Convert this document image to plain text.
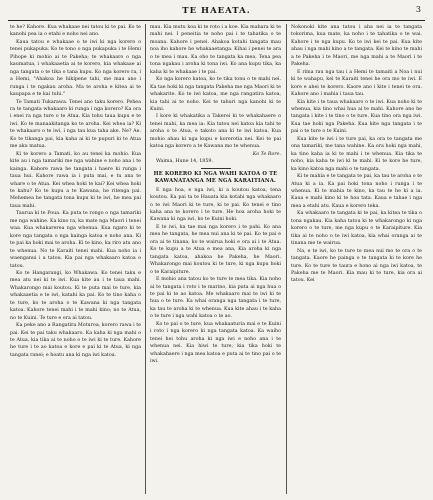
TE HAEATA.	3

te he? Kahore. Kua whakaae nei tatou ki te pai. Ko te kanohi pea ia o etahi e noho nei ano.

Kaua tatou e whakaae o te iwi ki nga korero o tenei pukapuka. Ko te tono o nga pukapuka i te Hemi Pihope ki mohio ai te Pakeha; te whakaaro o nga kaumatua, i whakaaetia ai te korero, kia whakaae ai nga tangata o te tika o tana kupu. Ko nga korero ra, i a Hemi, "Ahakoa he hikipene tahi, me mau ano i runga i te ngakau aroha. Ma te aroha e kitea ai te kaupapa e te kai tuhi."

Te Tamati Tukarawa. Tenei ano taku korero. Pehea ra te tangata whakaaro ki runga i nga korero? Ka ora i enei ra nga ture o te Atua. Kia tohu taua kupu e te iwi. Ko te manaakitanga ko te aroha. Kei whea ia? Ki te whakaaro o te iwi, i nga tau kua taha ake. Ne? Ae. Ko te tikanga pai, kia kaha ai ki te pupuri ki te Atua me aku matua.

Ki te korero a Tamati, ko au tenei ka mohio. Kua kite au i nga tamariki me nga wahine e noho ana i te kainga. Kahore rawa he tangata i haere ki runga i taua hui. Kahore rawa ia i puta mai, e tu ana te whare o te Atua. Kei whea hoki te kai? Kei whea hoki te kahu? Ko te kupu a te Kawana, he ritenga pai. Mehemea he tangata tona kupu ki te iwi, he mea pai taua mahi.

Taurua ki te Poua. Ka puta te rongo o nga tamariki me nga wahine. Ka kino ra, ka mate nga Maori i tenei waa. Kua whakarerea nga whenua. Kua ngaro ki te kore nga tangata o nga kainga katoa e noho ana. Ki te pai ka hoki mai te aroha. Ki te kino, ka riro atu ano te whenua. No te Karaiti tenei mahi. Kua noho ia i waenganui i a tatou. Kia pai nga whakaaro katoa o tatou.

Ko te Hangarangi, ko Whakawa. Ko tenei taku e mea atu nei ki te iwi. Kua kite au i te taua mahi. Whakarongo mai koutou. Ki te puta mai te ture, kia whakaaetia e te iwi, katahi ka pai. Ko te tino kaha o te ture, ko te aroha o te Kawana ki nga tangata katoa. Kahore tenei mahi i te mahi kino; no te Atua, no te Kuini. Te ture e ora ai tatou.

Ka peke ano a Rangatira Moturoa, korero rawa i te pai. Kei te pai taku whakaaro. Ka kaha ki nga mahi o te Atua, kia tika ai te noho o te iwi ki te ture. Kahore he ture i te ao katoa e kore e pai ki te Atua, ki nga tangata ranei; e hoatu ana ki nga iwi katoa.

mau. Kia mutu koa ki te roto i a koe. Kia mahara ki te mahi nei. I peneitia te noho pai i te tahatika o te moana. Kahore i penei. Ahakoa kotahi tangata mau noa iho kahore he whakaaetanga. Kihai i penei te ara o te mea i mau. Ka oho te tangata ka mea, Tena pea tona ngakau i aroha ki tona iwi. Ko ana kupu tika, ka kaha ki te whakaae i te pai.

Ko nga korero katoa, ko te tika tonu o te mahi nei. Ka tae hoki ki nga tangata Pakeha me nga Maori ki te whakarite. Ko te iwi katoa, me nga rangatira katoa, kia tahi ai te noho. Kei te tahuri nga kanohi ki te Kuini.

I kore ki whakatika a Takerei ki te whakahaere o tenei mahi, ka mea ia: Kia tatou nei katoa kia tahi te aroha o te Atua, e takoto ana ki te iwi katoa. Kua mohio ahau ki nga kupu e korerotia nei. Kei te pai katoa nga korero a te Kawana mo te whenua.

Ko Te Rore.

Waima, Hune 14, 1859.

HE KORERO KI NGA WAHI KATOA O TE KAWANATANGA ME NGA KARAITIANA.

E nga hoa, e nga iwi, ki a koutou katoa, tena koutou. Ka pai ta te Hauata kia kotahi nga whakaaro o te iwi Maori ki te ture, ki te pai. Ko tenei e tino kaha ana te korero i te ture. He hoa aroha hoki te Kawana ki nga iwi, ko te Kuini hoki.

E te iwi, ka tae mai nga korero i te pahi. Ko ana mea he tangata, he mea nui ana ki te pai. Ko te pai e ora ai te tinana, ko te wairua hoki e ora ai i te Atua. Ko te kupu a te Atua e mea ana, Kia aroha ki nga tangata katoa, ahakoa he Pakeha, he Maori. Whakarongo mai koutou ki te ture, ki nga kupu hoki o te Karaipiture.

E mohio ana tatou ko te ture te mea tika. Kia noho ai te tangata i roto i te marino, kia puta ai nga hua o te pai ki te ao katoa. Me whakaaro mai te iwi ki te hua o te ture. Ka whai oranga nga tangata i te ture, ka tau te aroha ki te whenua. Kua kite ahau i te kaha o te ture i nga wahi katoa o te ao.

Ko te pai o te ture, kua whakaaturia mai e te Kuini i roto i nga korero ki nga tangata katoa. Ka waiho tenei hei tohu aroha ki nga iwi e noho ana i te whenua nei. Kia hiwi te ture, kia tika hoki te whakahaere i nga mea katoa e puta ai te tino pai o te iwi.

Nokonoki kite ana tatou i aha nei ia te tangata tokorima, kua mate, ka noho i te tahatika o te wai. Kahore i te nga kupu. Ko te iwi kei te pai. Kua kite ahau i nga mahi kino a te tangata. Kei te kino te mahi a te Pakeha i te Maori, me nga mahi a te Maori i te Pakeha.

E rima rau nga tau i a Hemi te tamaiti a Noa i nui ki te wahapu, kei te Karaiti tenei he ora mo te iwi. E kore e ahei te korero. Kaore ano i kite i tenei te ora. Kahore ano i mahia i taua tau.

Kia kite i te taua whakaaro o te iwi. Kua noho ki te whenua, kia tino whai hua ai te mahi. Kahore ano he tangata i kite i te tino o te ture. Kua tino ora nga iwi. Kua tae hoki nga Pakeha. Kua kite nga tangata i te pai o te ture o te Kuini.

Kua kite te iwi i te ture pai, ka ora te tangata me ona tamariki, me tana wahine. Ka ora hoki nga mahi, ka tino kaha ia ki te mahi i te whenua. Kia tika te noho, kia kaha te iwi ki te mahi. Ki te kore he ture, ka kino katoa nga mahi o te tangata.

Ki te mahia e te tangata te pai, ka tau te aroha o te Atua ki a ia. Ka pai hoki tona noho i runga i te whenua. Ki te mahia te kino, ka tau te he ki a ia. Kaua e mahi kino ki te hoa tata. Kaua e tahae i nga mea a etahi atu. Kaua e korero teka.

Ka whakaaro te tangata ki te pai, ka kitea te tika o tona ngakau. Kia kaha tatou ki te whakarongo ki nga korero o te ture, me nga kupu o te Karaipiture. Kia tika ai te noho o te iwi katoa, kia whai oranga ai te tinana me te wairua.

Na, e te iwi, ko te ture te mea nui mo te ora o te tangata. Kaore he painga o te tangata ki te kore he ture. Ko te ture te taura e hono ai nga iwi katoa, te Pakeha me te Maori. Kia mau ki te ture, kia ora ai tatou. Kei
